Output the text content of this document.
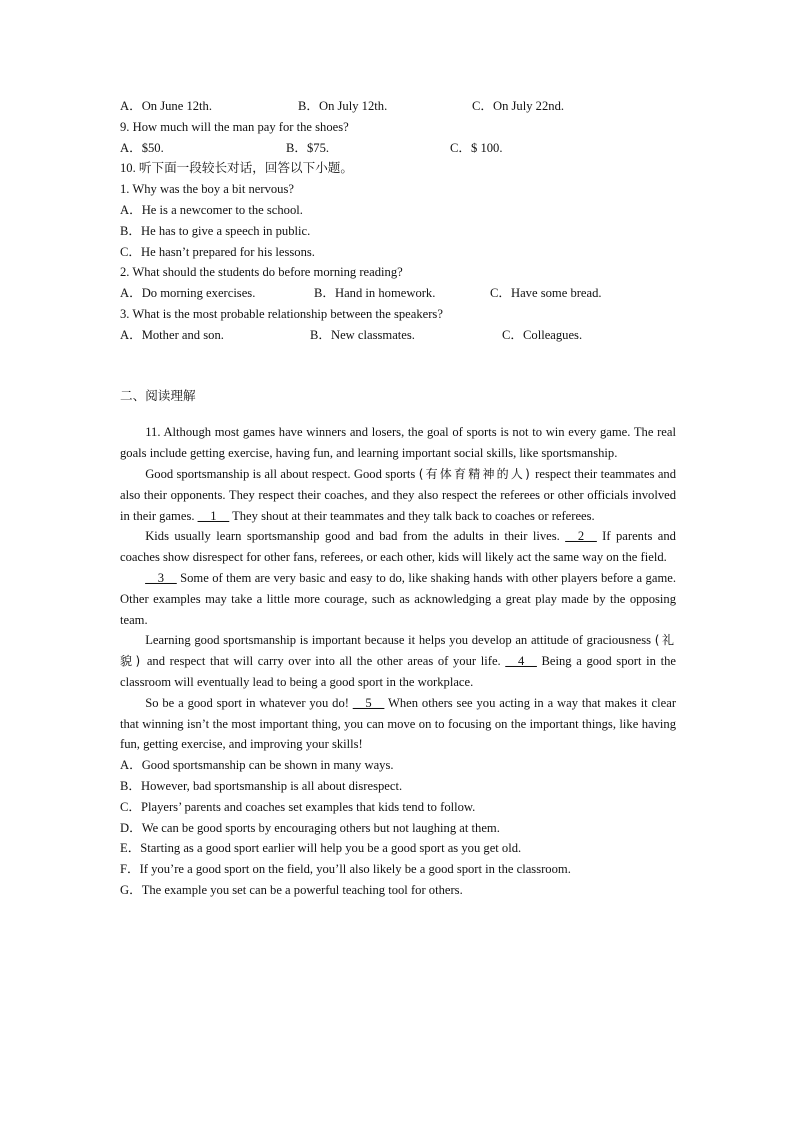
A．On June 12th.	B．On July 12th.	C．On July 22nd.
9. How much will the man pay for the shoes?
A．$50.	B．$75.	C．$ 100.
10. 听下面一段较长对话，回答以下小题。
1. Why was the boy a bit nervous?
A．He is a newcomer to the school.
B．He has to give a speech in public.
C．He hasn’t prepared for his lessons.
2. What should the students do before morning reading?
A．Do morning exercises.	B．Hand in homework.	C．Have some bread.
3. What is the most probable relationship between the speakers?
A．Mother and son.	B．New classmates.	C．Colleagues.
二、阅读理解

11. Although most games have winners and losers, the goal of sports is not to win every game. The real goals include getting exercise, having fun, and learning important social skills, like sportsmanship.

Good sportsmanship is all about respect. Good sports (有体育精神的人) respect their teammates and also their opponents. They respect their coaches, and they also respect the referees or other officials involved in their games. __1__ They shout at their teammates and they talk back to coaches or referees.

Kids usually learn sportsmanship good and bad from the adults in their lives. __2__ If parents and coaches show disrespect for other fans, referees, or each other, kids will likely act the same way on the field.

__3__ Some of them are very basic and easy to do, like shaking hands with other players before a game. Other examples may take a little more courage, such as acknowledging a great play made by the opposing team.

Learning good sportsmanship is important because it helps you develop an attitude of graciousness (礼貌) and respect that will carry over into all the other areas of your life. __4__ Being a good sport in the classroom will eventually lead to being a good sport in the workplace.

So be a good sport in whatever you do! __5__ When others see you acting in a way that makes it clear that winning isn’t the most important thing, you can move on to focusing on the important things, like having fun, getting exercise, and improving your skills!

A．Good sportsmanship can be shown in many ways.
B．However, bad sportsmanship is all about disrespect.
C．Players’ parents and coaches set examples that kids tend to follow.
D．We can be good sports by encouraging others but not laughing at them.
E．Starting as a good sport earlier will help you be a good sport as you get old.
F．If you’re a good sport on the field, you’ll also likely be a good sport in the classroom.
G．The example you set can be a powerful teaching tool for others.
